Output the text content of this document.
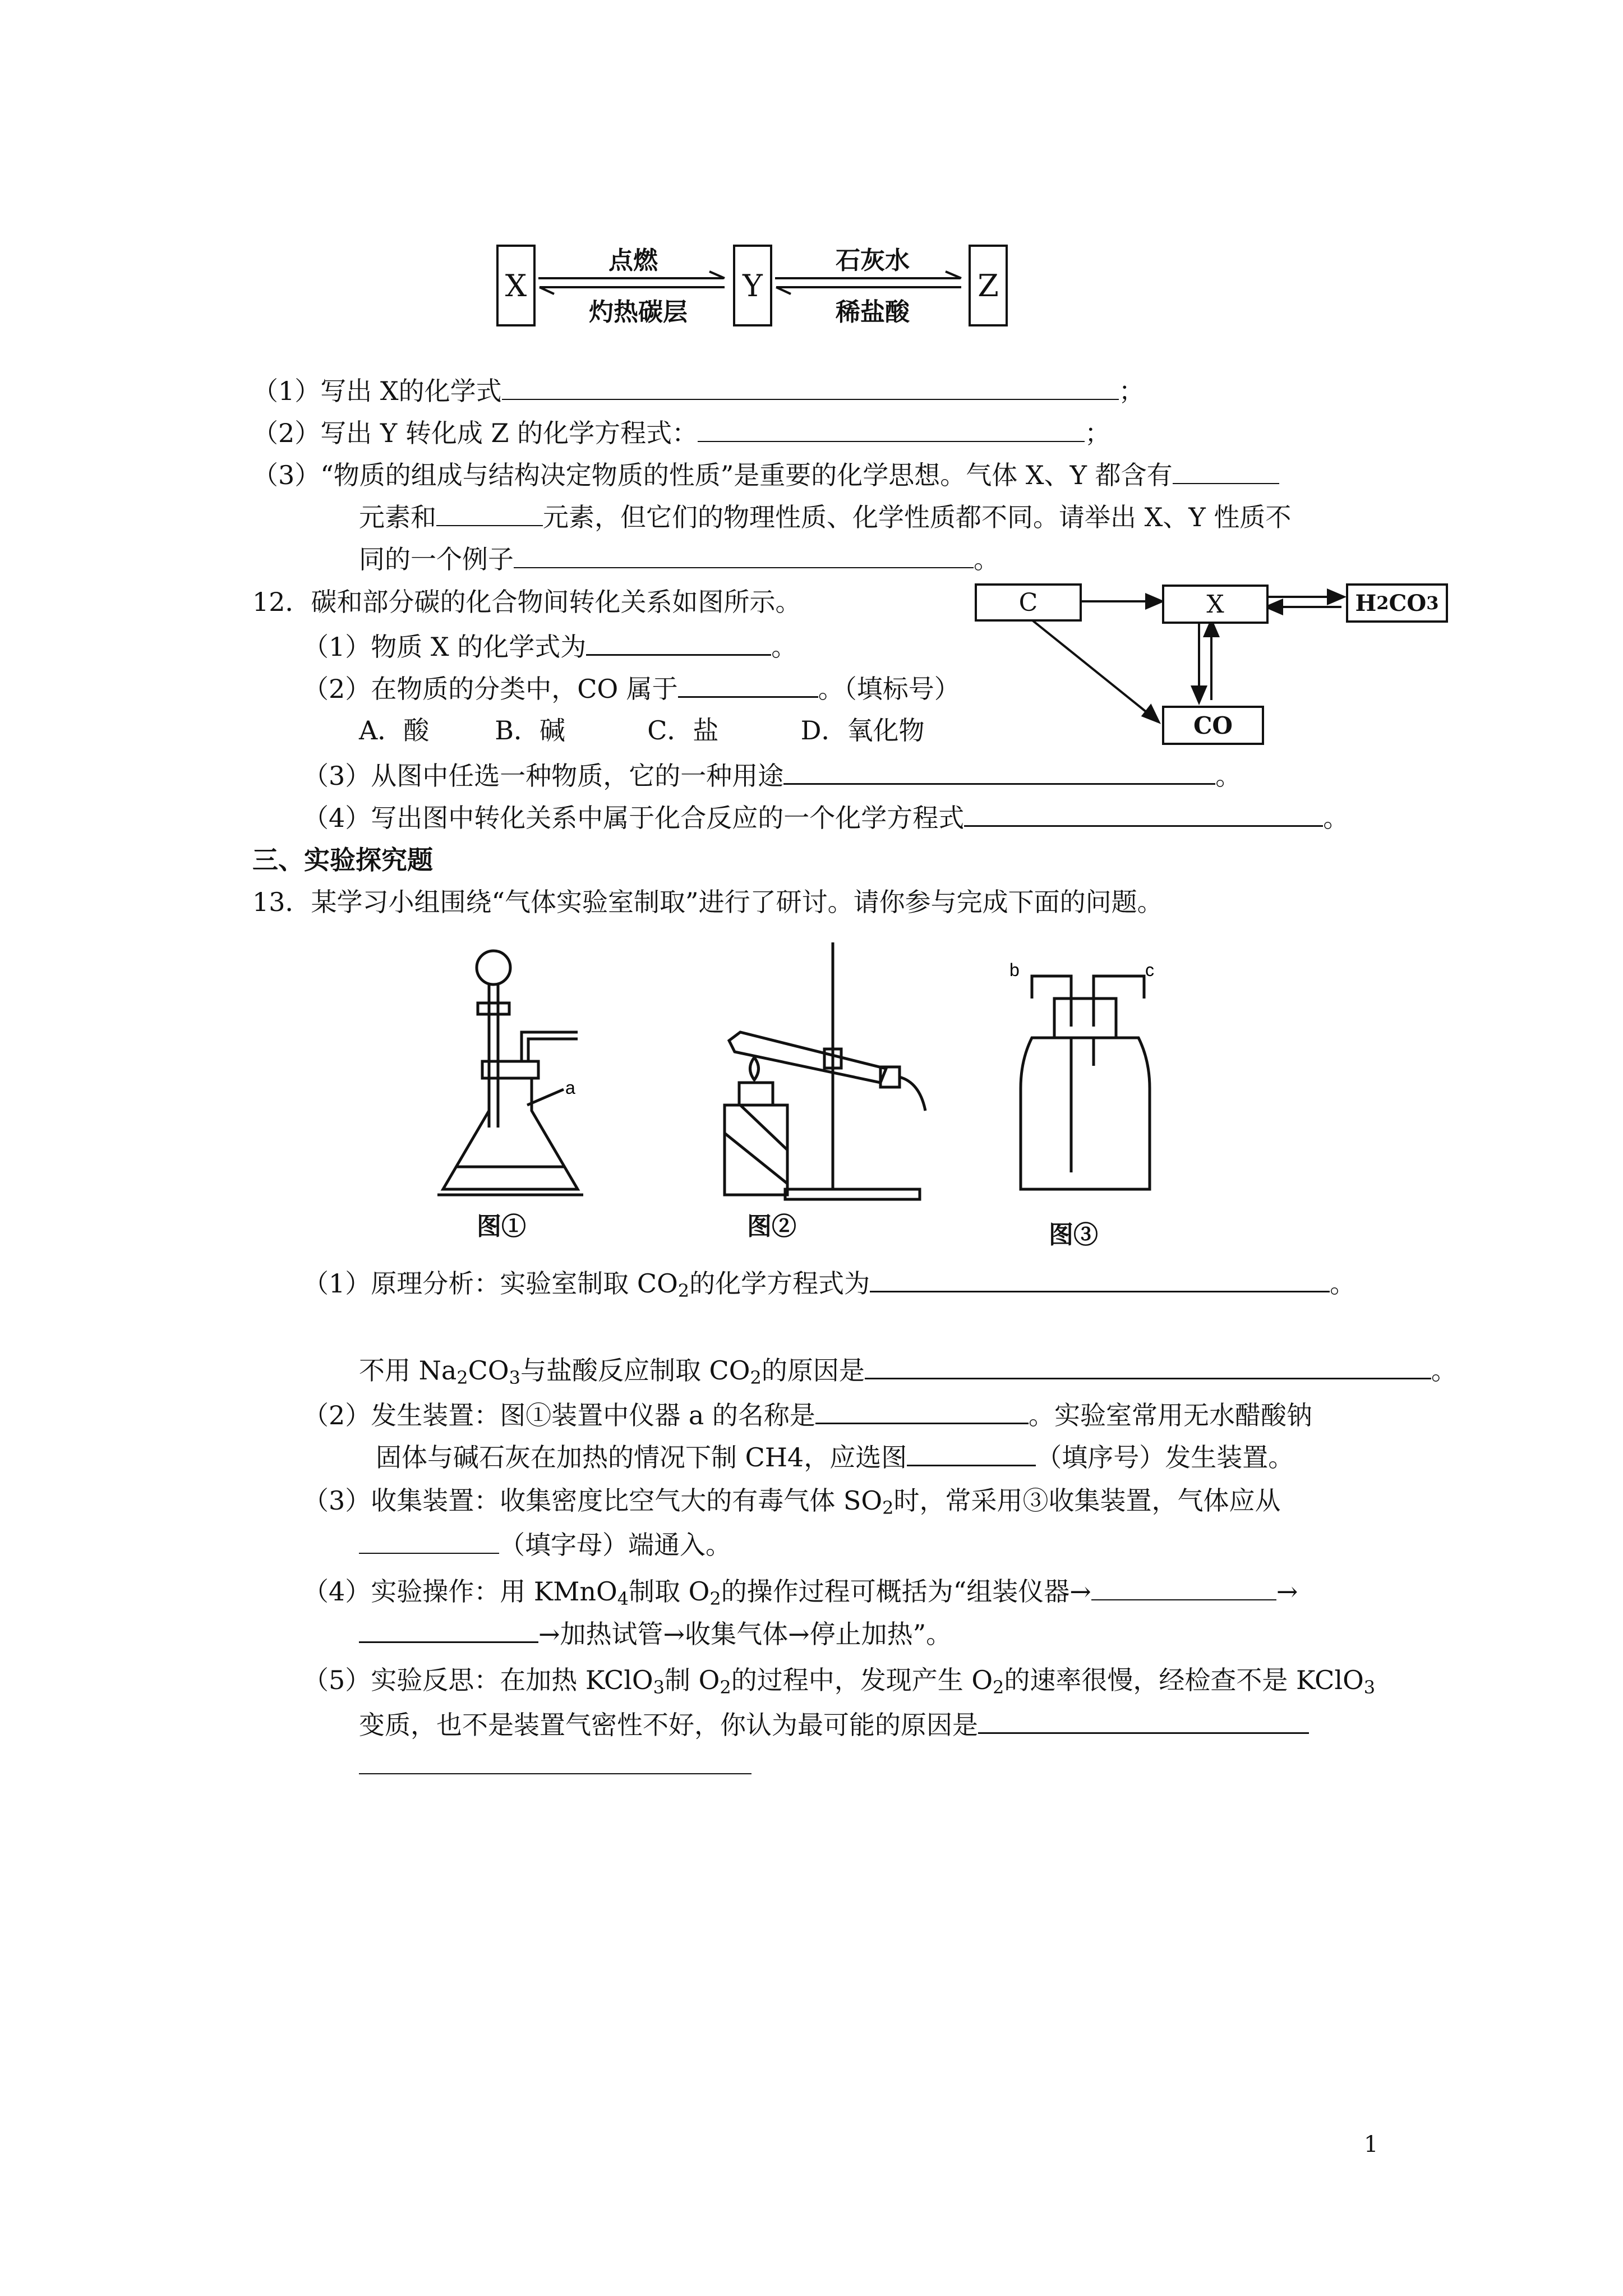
X	Y	Z
点燃
灼热碳层
石灰水
稀盐酸
（1）写出 X的化学式	；
（2）写出 Y 转化成 Z 的化学方程式：	；
（3）“物质的组成与结构决定物质的性质”是重要的化学思想。气体 X、Y 都含有
元素和	元素，但它们的物理性质、化学性质都不同。请举出 X、Y 性质不
同的一个例子	。
12．碳和部分碳的化合物间转化关系如图所示。
（1）物质 X 的化学式为	。
（2）在物质的分类中，CO 属于	。（填标号）
A．酸        B．碱          C．盐          D．氧化物
（3）从图中任选一种物质，它的一种用途	。
（4）写出图中转化关系中属于化合反应的一个化学方程式	。
C	X	H 2 CO 3
CO
三、实验探究题
13．某学习小组围绕“气体实验室制取”进行了研讨。请你参与完成下面的问题。
a
图①	图②
b	c
图③
（1）原理分析：实验室制取 $CO_2$的化学方程式为	。
不用 $Na_2CO_3$与盐酸反应制取 $CO_2$的原因是	。
（2）发生装置：图①装置中仪器 a 的名称是	。实验室常用无水醋酸钠
固体与碱石灰在加热的情况下制 CH4，应选图	（填序号）发生装置。
（3）收集装置：收集密度比空气大的有毒气体 $SO_2$时，常采用③收集装置，气体应从
（填字母）端通入。
（4）实验操作：用 KMnO$_4$制取 $O_2$的操作过程可概括为“组装仪器→	→
→加热试管→收集气体→停止加热”。
（5）实验反思：在加热 KClO$_3$制 $O_2$的过程中，发现产生 $O_2$的速率很慢，经检查不是 KClO$_3$
变质，也不是装置气密性不好，你认为最可能的原因是
1
